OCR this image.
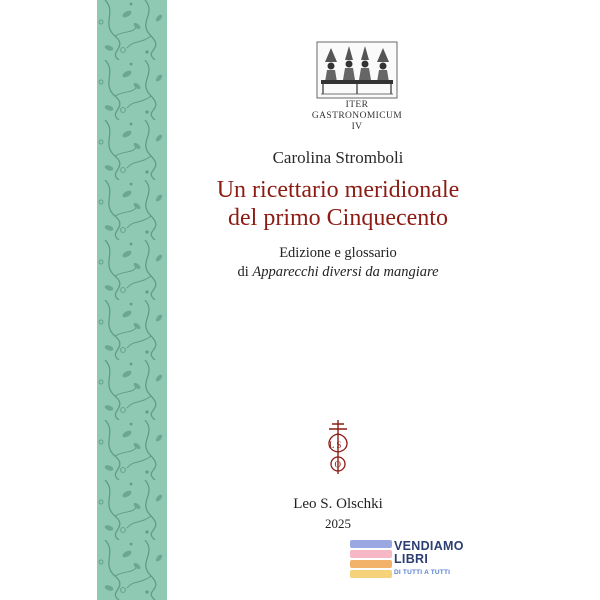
ITER
GASTRONOMICUM
IV
Carolina Stromboli
Un ricettario meridionale
del primo Cinquecento
Edizione e glossario
di Apparecchi diversi da mangiare
L S
O
Leo S. Olschki
2025
VENDIAMO
LIBRI
DI TUTTI A TUTTI
